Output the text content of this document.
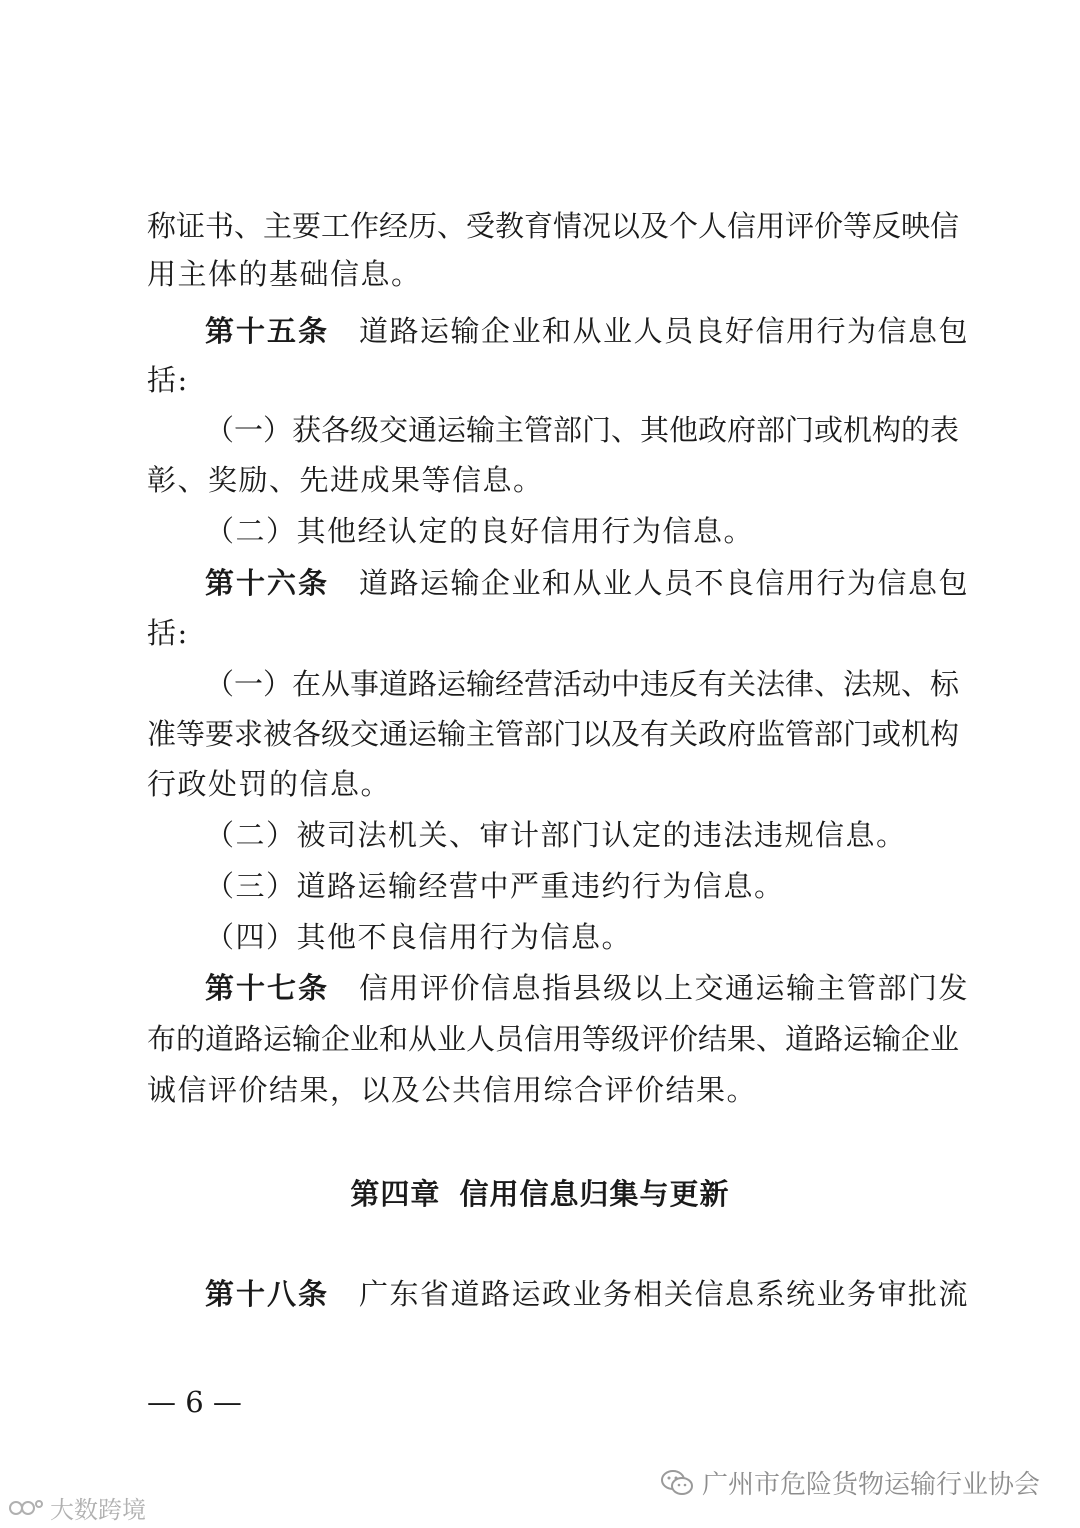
称证书、主要工作经历、受教育情况以及个人信用评价等反映信
用主体的基础信息。
第十五条 道路运输企业和从业人员良好信用行为信息包
括:
（一）获各级交通运输主管部门、其他政府部门或机构的表
彰、奖励、先进成果等信息。
（二）其他经认定的良好信用行为信息。
第十六条 道路运输企业和从业人员不良信用行为信息包
括:
（一）在从事道路运输经营活动中违反有关法律、法规、标
准等要求被各级交通运输主管部门以及有关政府监管部门或机构
行政处罚的信息。
（二）被司法机关、审计部门认定的违法违规信息。
（三）道路运输经营中严重违约行为信息。
（四）其他不良信用行为信息。
第十七条 信用评价信息指县级以上交通运输主管部门发
布的道路运输企业和从业人员信用等级评价结果、道路运输企业
诚信评价结果，以及公共信用综合评价结果。
第四章 信用信息归集与更新
第十八条 广东省道路运政业务相关信息系统业务审批流
— 6 —
广州市危险货物运输行业协会
大数跨境
